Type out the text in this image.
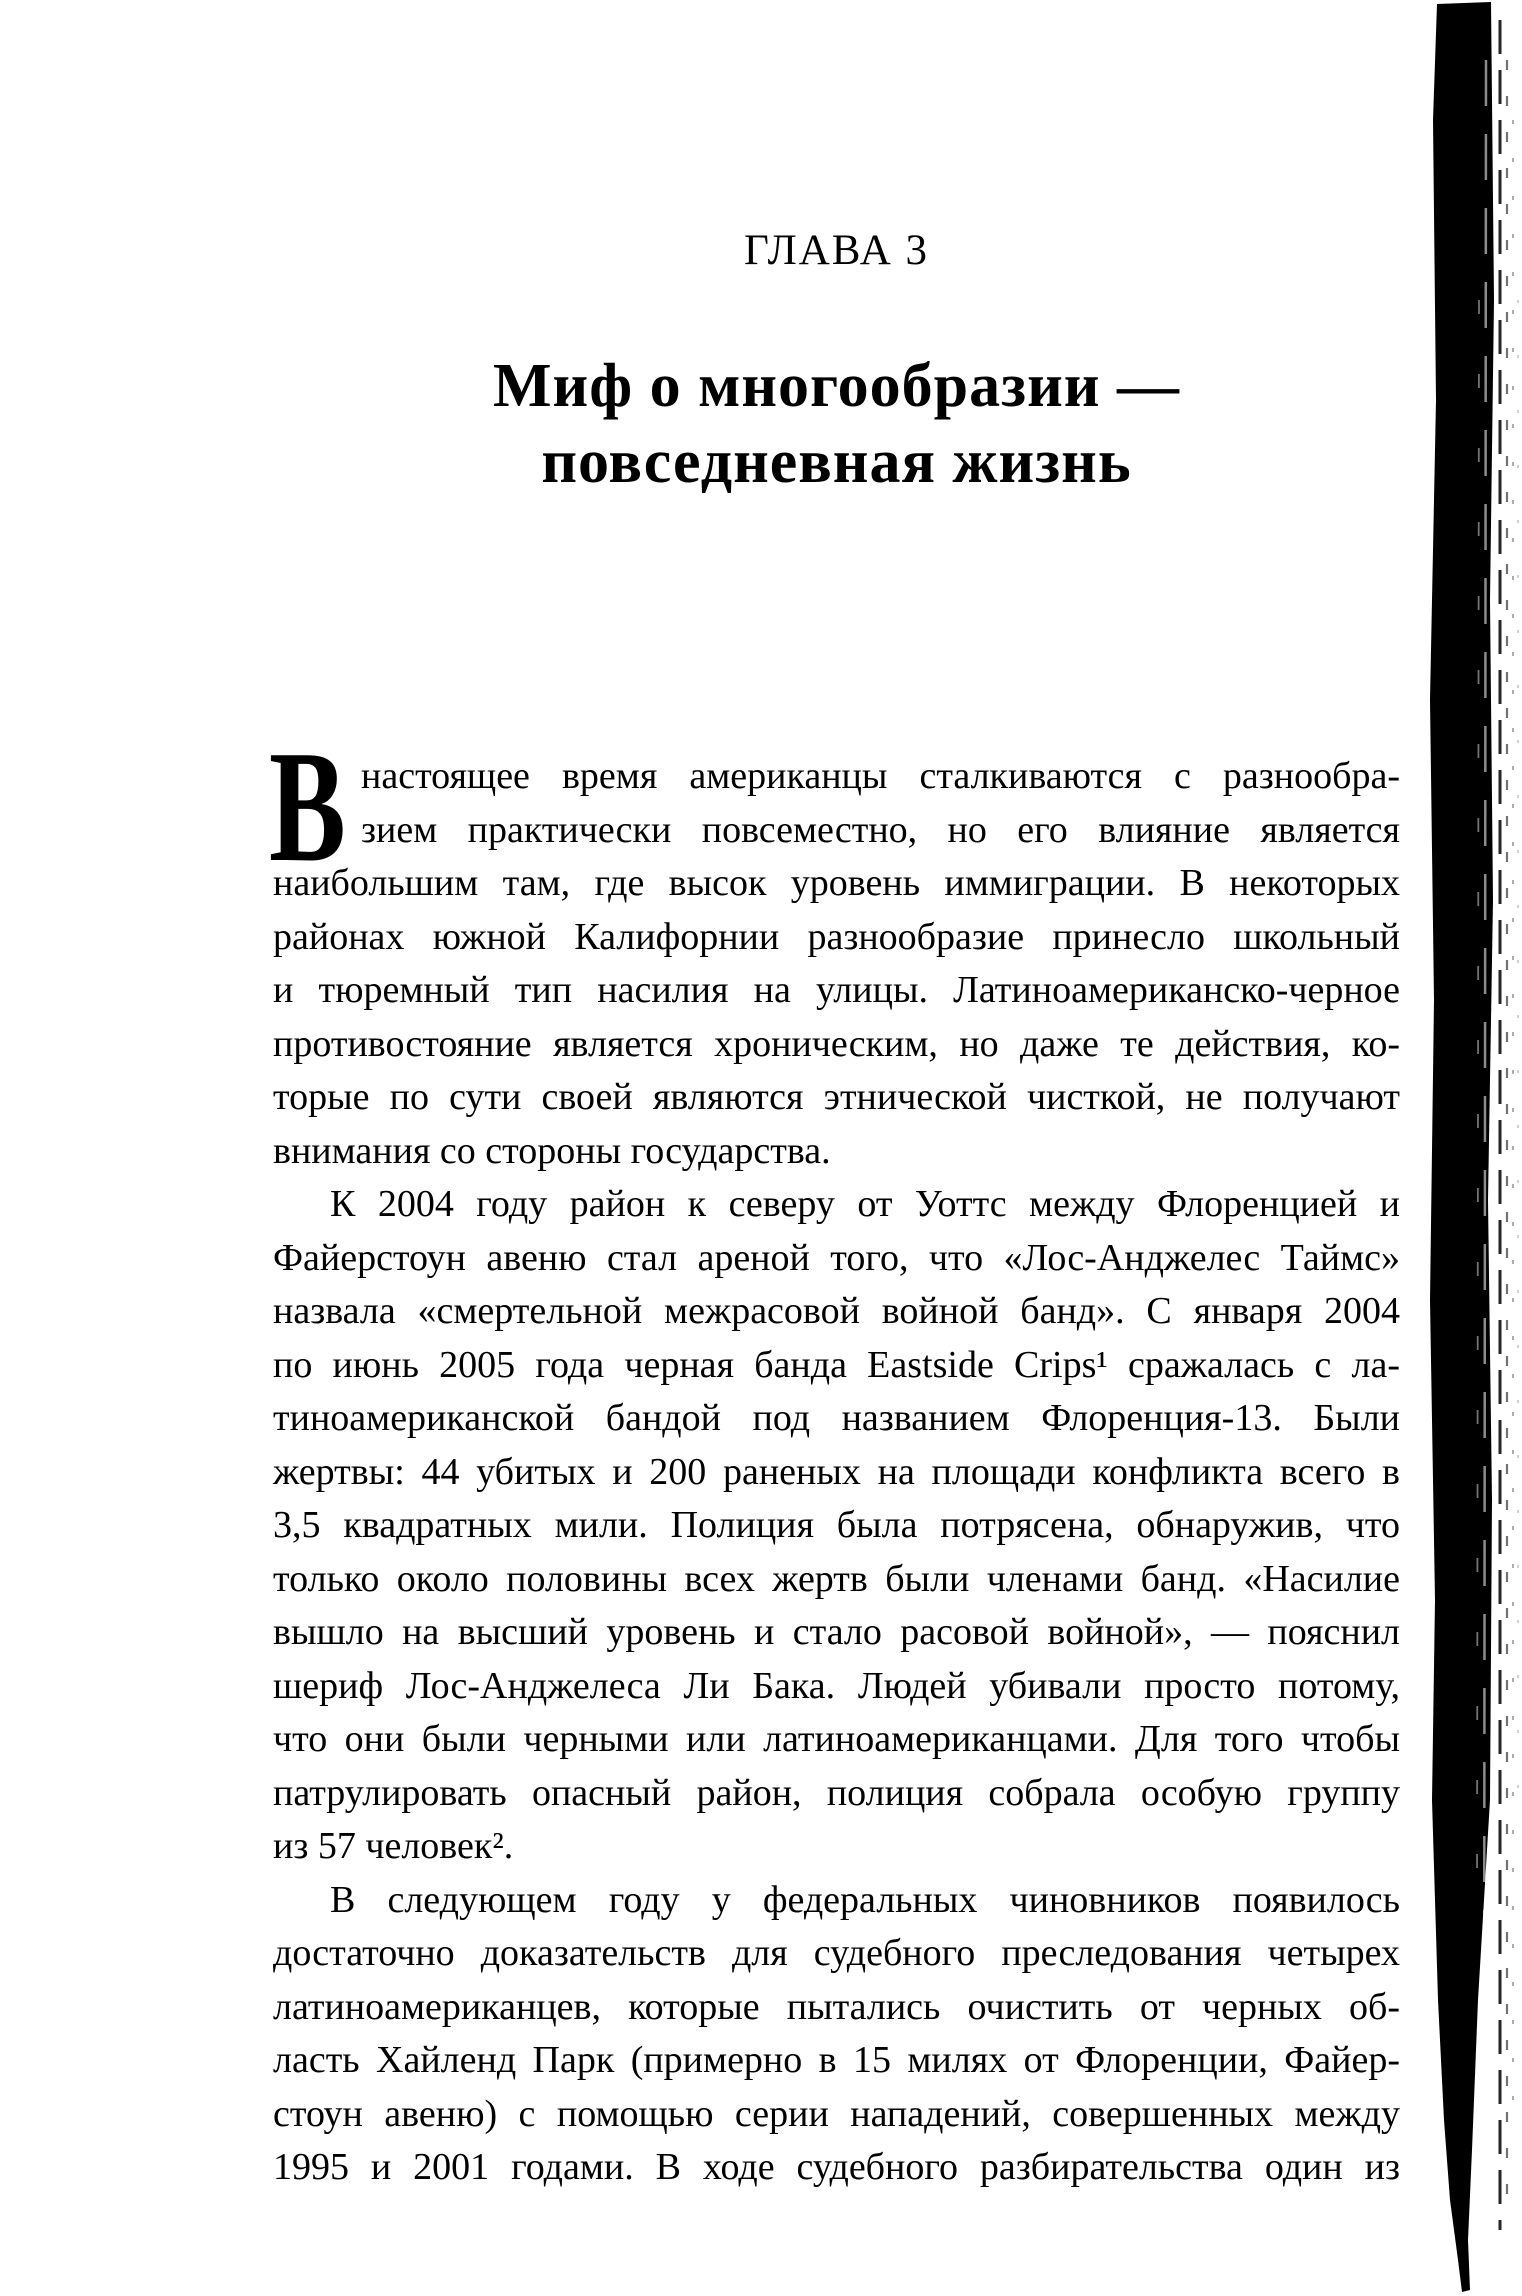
ГЛАВА 3
Миф о многообразии —
повседневная жизнь
В настоящее время американцы сталкиваются с разнообра-
зием практически повсеместно, но его влияние является
наибольшим там, где высок уровень иммиграции. В некоторых
районах южной Калифорнии разнообразие принесло школьный
и тюремный тип насилия на улицы. Латиноамериканско-черное
противостояние является хроническим, но даже те действия, ко-
торые по сути своей являются этнической чисткой, не получают
внимания со стороны государства.
К 2004 году район к северу от Уоттс между Флоренцией и
Файерстоун авеню стал ареной того, что «Лос-Анджелес Таймс»
назвала «смертельной межрасовой войной банд». С января 2004
по июнь 2005 года черная банда Eastside Crips¹ сражалась с ла-
тиноамериканской бандой под названием Флоренция-13. Были
жертвы: 44 убитых и 200 раненых на площади конфликта всего в
3,5 квадратных мили. Полиция была потрясена, обнаружив, что
только около половины всех жертв были членами банд. «Насилие
вышло на высший уровень и стало расовой войной», — пояснил
шериф Лос-Анджелеса Ли Бака. Людей убивали просто потому,
что они были черными или латиноамериканцами. Для того чтобы
патрулировать опасный район, полиция собрала особую группу
из 57 человек².
В следующем году у федеральных чиновников появилось
достаточно доказательств для судебного преследования четырех
латиноамериканцев, которые пытались очистить от черных об-
ласть Хайленд Парк (примерно в 15 милях от Флоренции, Файер-
стоун авеню) с помощью серии нападений, совершенных между
1995 и 2001 годами. В ходе судебного разбирательства один из
